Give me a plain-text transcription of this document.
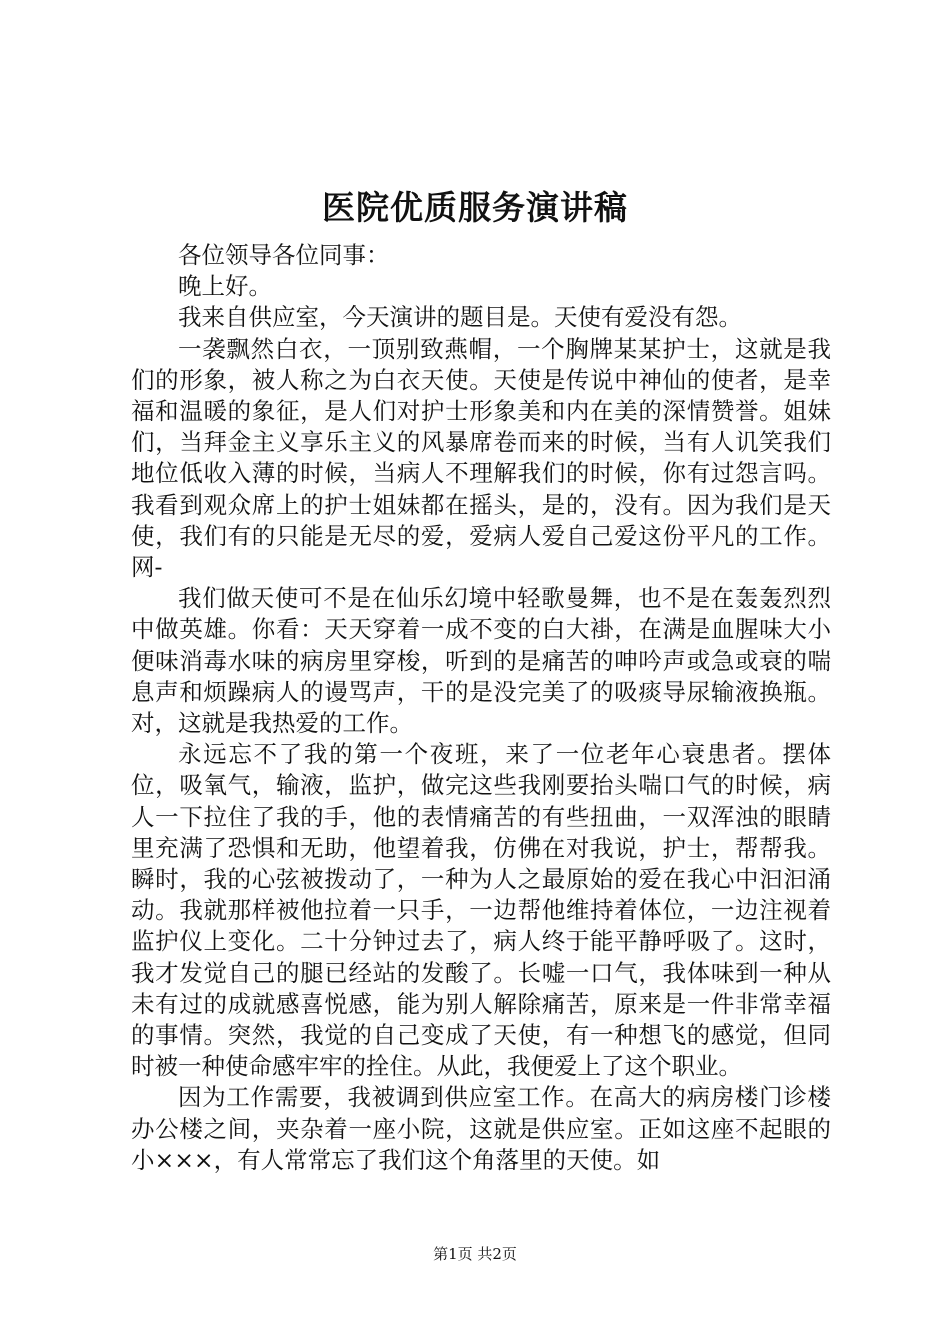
医院优质服务演讲稿

各位领导各位同事：

晚上好。

我来自供应室，今天演讲的题目是。天使有爱没有怨。

一袭飘然白衣，一顶别致燕帽，一个胸牌某某护士，这就是我们的形象，被人称之为白衣天使。天使是传说中神仙的使者，是幸福和温暖的象征，是人们对护士形象美和内在美的深情赞誉。姐妹们，当拜金主义享乐主义的风暴席卷而来的时候，当有人讥笑我们地位低收入薄的时候，当病人不理解我们的时候，你有过怨言吗。我看到观众席上的护士姐妹都在摇头，是的，没有。因为我们是天使，我们有的只能是无尽的爱，爱病人爱自己爱这份平凡的工作。网-

我们做天使可不是在仙乐幻境中轻歌曼舞，也不是在轰轰烈烈中做英雄。你看：天天穿着一成不变的白大褂，在满是血腥味大小便味消毒水味的病房里穿梭，听到的是痛苦的呻吟声或急或衰的喘息声和烦躁病人的谩骂声，干的是没完美了的吸痰导尿输液换瓶。对，这就是我热爱的工作。

永远忘不了我的第一个夜班，来了一位老年心衰患者。摆体位，吸氧气，输液，监护，做完这些我刚要抬头喘口气的时候，病人一下拉住了我的手，他的表情痛苦的有些扭曲，一双浑浊的眼睛里充满了恐惧和无助，他望着我，仿佛在对我说，护士，帮帮我。瞬时，我的心弦被拨动了，一种为人之最原始的爱在我心中汩汩涌动。我就那样被他拉着一只手，一边帮他维持着体位，一边注视着监护仪上变化。二十分钟过去了，病人终于能平静呼吸了。这时，我才发觉自己的腿已经站的发酸了。长嘘一口气，我体味到一种从未有过的成就感喜悦感，能为别人解除痛苦，原来是一件非常幸福的事情。突然，我觉的自己变成了天使，有一种想飞的感觉，但同时被一种使命感牢牢的拴住。从此，我便爱上了这个职业。

因为工作需要，我被调到供应室工作。在高大的病房楼门诊楼办公楼之间，夹杂着一座小院，这就是供应室。正如这座不起眼的小×××，有人常常忘了我们这个角落里的天使。如

第1页 共2页
